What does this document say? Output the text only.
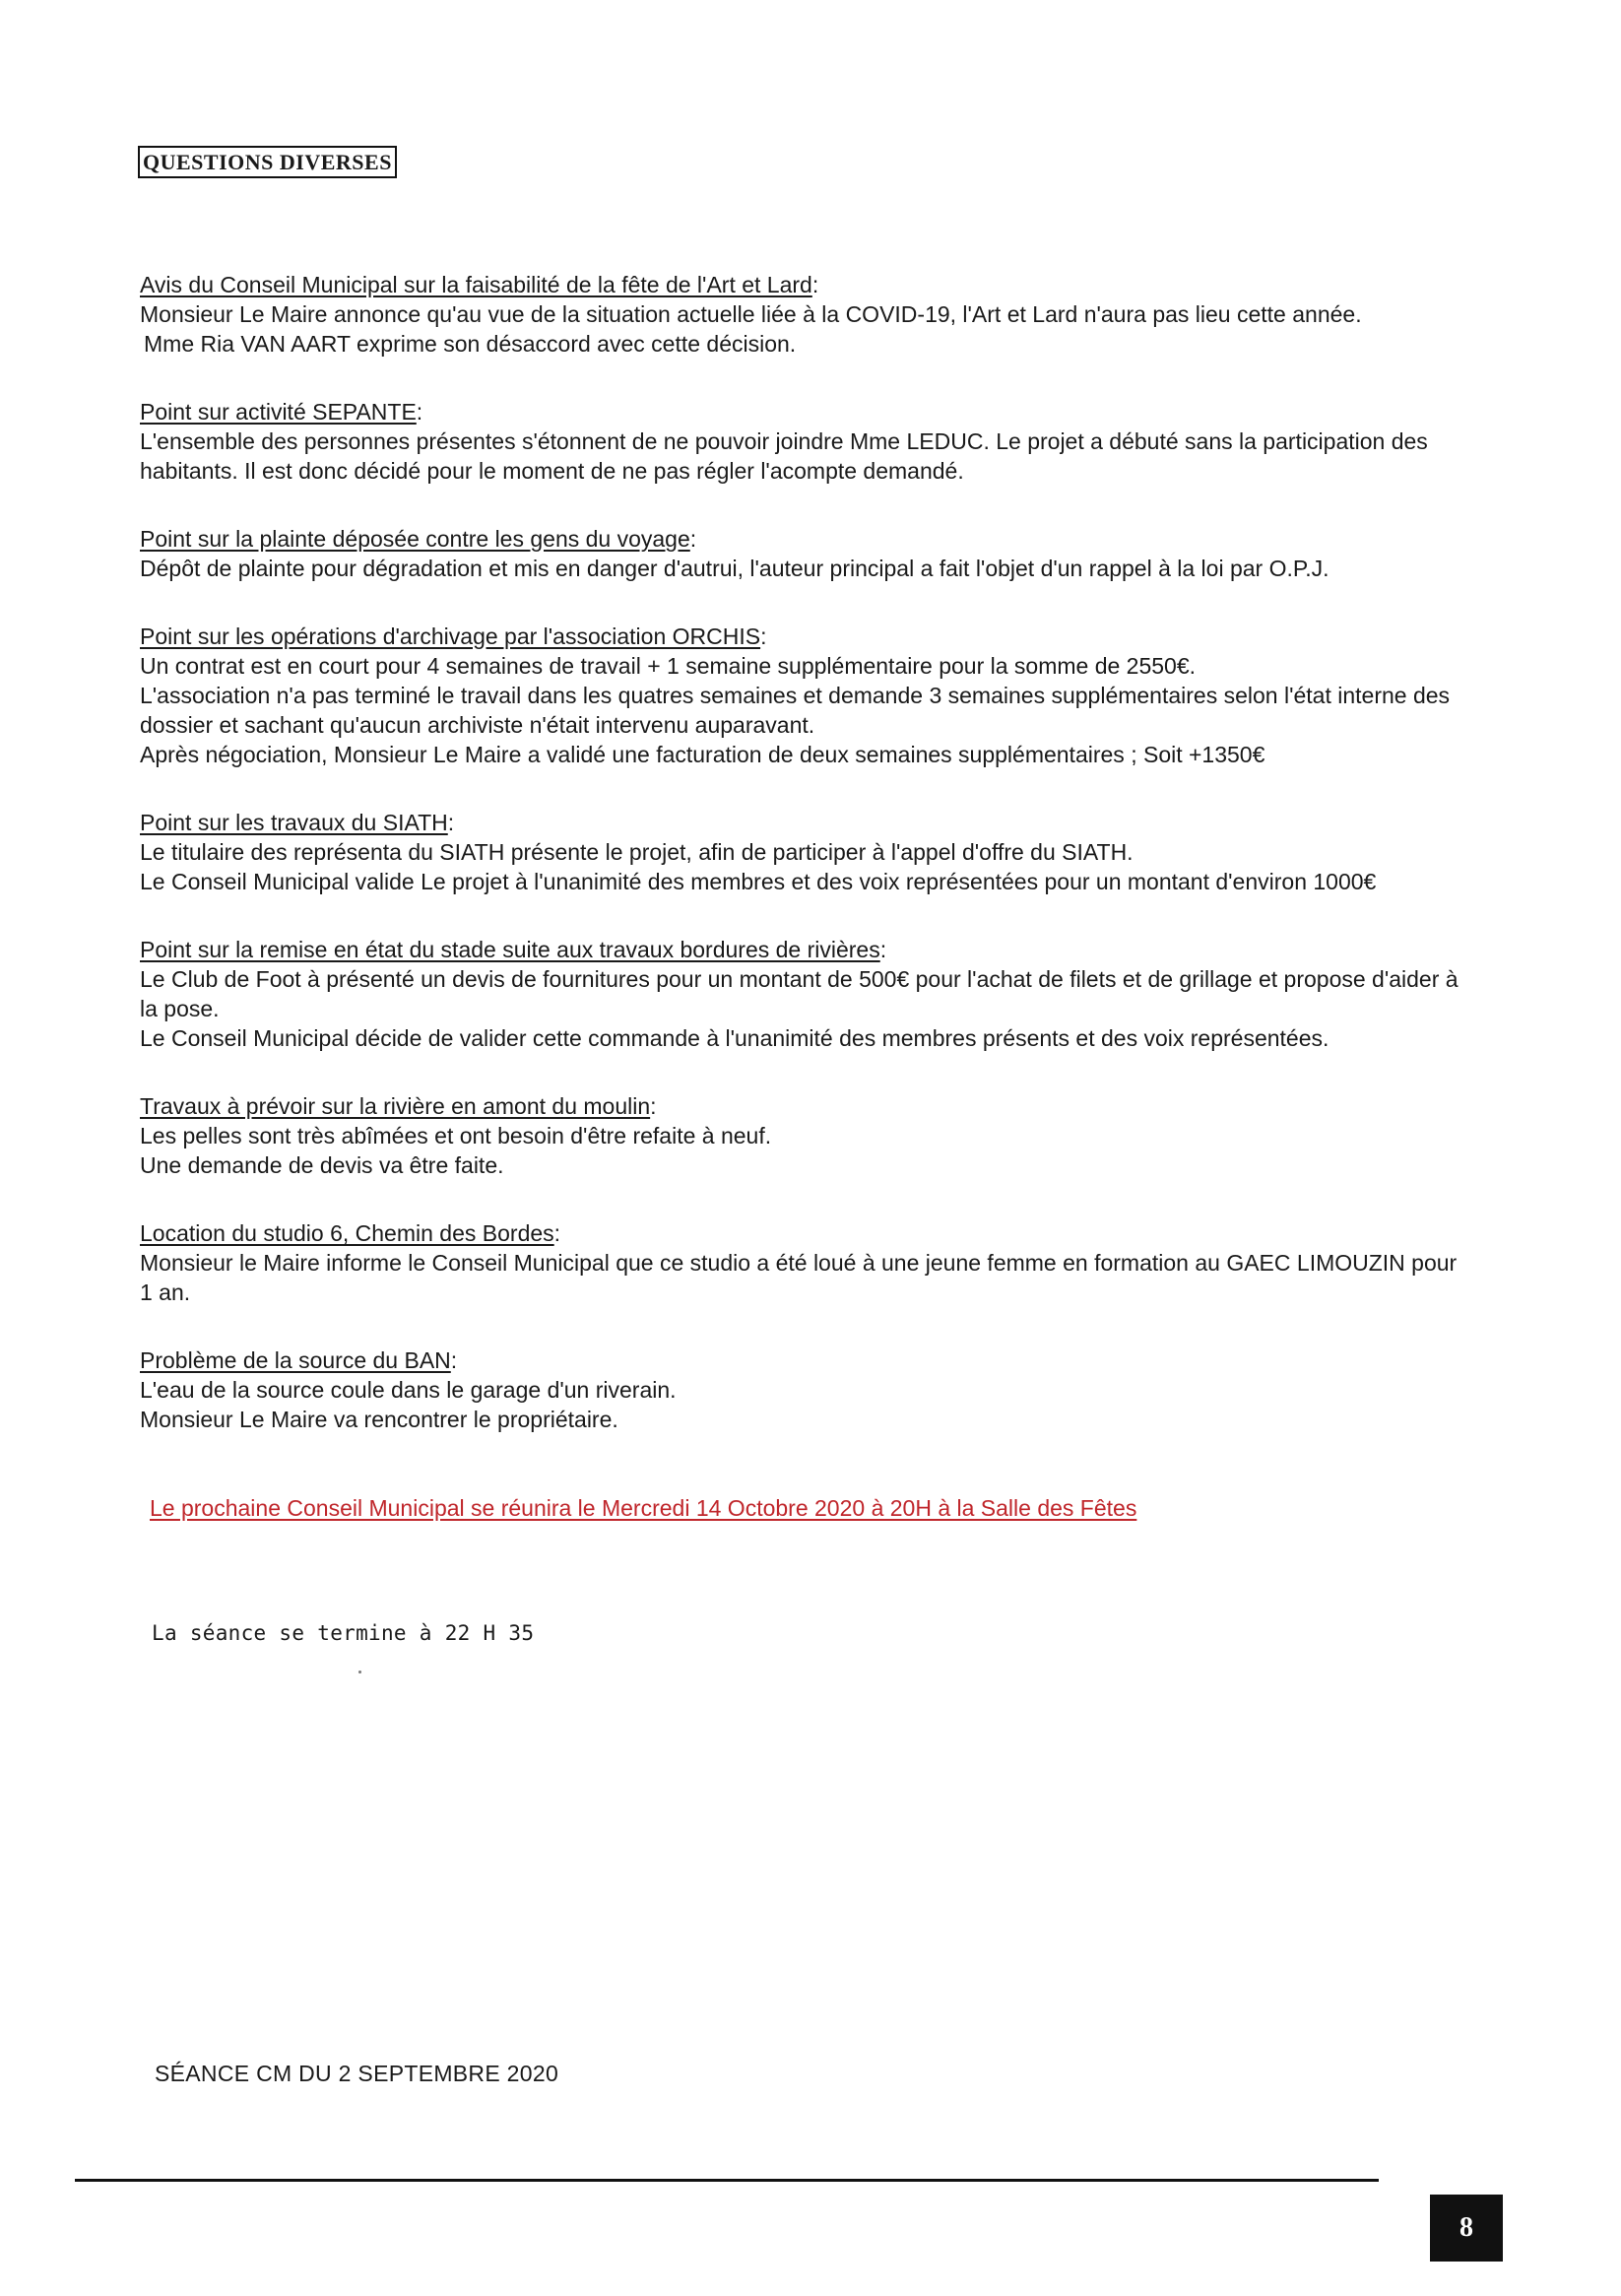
QUESTIONS DIVERSES
Avis du Conseil Municipal sur la faisabilité de la fête de l'Art et Lard:
Monsieur Le Maire annonce qu'au vue de la situation actuelle liée à la COVID-19, l'Art et Lard n'aura pas lieu cette année.
Mme Ria VAN AART exprime son désaccord avec cette décision.
Point sur activité SEPANTE:
L'ensemble des personnes présentes s'étonnent de ne pouvoir joindre Mme LEDUC. Le projet a débuté sans la participation des
habitants. Il est donc décidé pour le moment de ne pas régler l'acompte demandé.
Point sur la plainte déposée contre les gens du voyage:
Dépôt de plainte pour dégradation et mis en danger d'autrui, l'auteur principal a fait l'objet d'un rappel à la loi par O.P.J.
Point sur les opérations d'archivage par l'association ORCHIS:
Un contrat est en court pour 4 semaines de travail + 1 semaine supplémentaire pour la somme de 2550€.
L'association n'a pas terminé le travail dans les quatres semaines et demande 3 semaines supplémentaires selon l'état interne des
dossier et sachant qu'aucun archiviste n'était intervenu auparavant.
Après négociation, Monsieur Le Maire a validé une facturation de deux semaines supplémentaires ; Soit +1350€
Point sur les travaux du SIATH:
Le titulaire des représenta du SIATH présente le projet, afin de participer à l'appel d'offre du SIATH.
Le Conseil Municipal valide Le projet à l'unanimité des membres et des voix représentées pour un montant d'environ 1000€
Point sur la remise en état du stade suite aux travaux bordures de rivières:
Le Club de Foot à présenté un devis de fournitures pour un montant de 500€ pour l'achat de filets et de grillage et propose d'aider à
la pose.
Le Conseil Municipal décide de valider cette commande à l'unanimité des membres présents et des voix représentées.
Travaux à prévoir sur la rivière en amont du moulin:
Les pelles sont très abîmées et ont besoin d'être refaite à neuf.
Une demande de devis va être faite.
Location du studio 6, Chemin des Bordes:
Monsieur le Maire informe le Conseil Municipal que ce studio a été loué à une jeune femme en formation au GAEC LIMOUZIN pour
1 an.
Problème de la source du BAN:
L'eau de la source coule dans le garage d'un riverain.
Monsieur Le Maire va rencontrer le propriétaire.
Le prochaine Conseil Municipal se réunira le Mercredi 14 Octobre 2020 à 20H à la Salle des Fêtes
La séance se termine à 22 H 35
SÉANCE CM DU 2 SEPTEMBRE 2020
8
